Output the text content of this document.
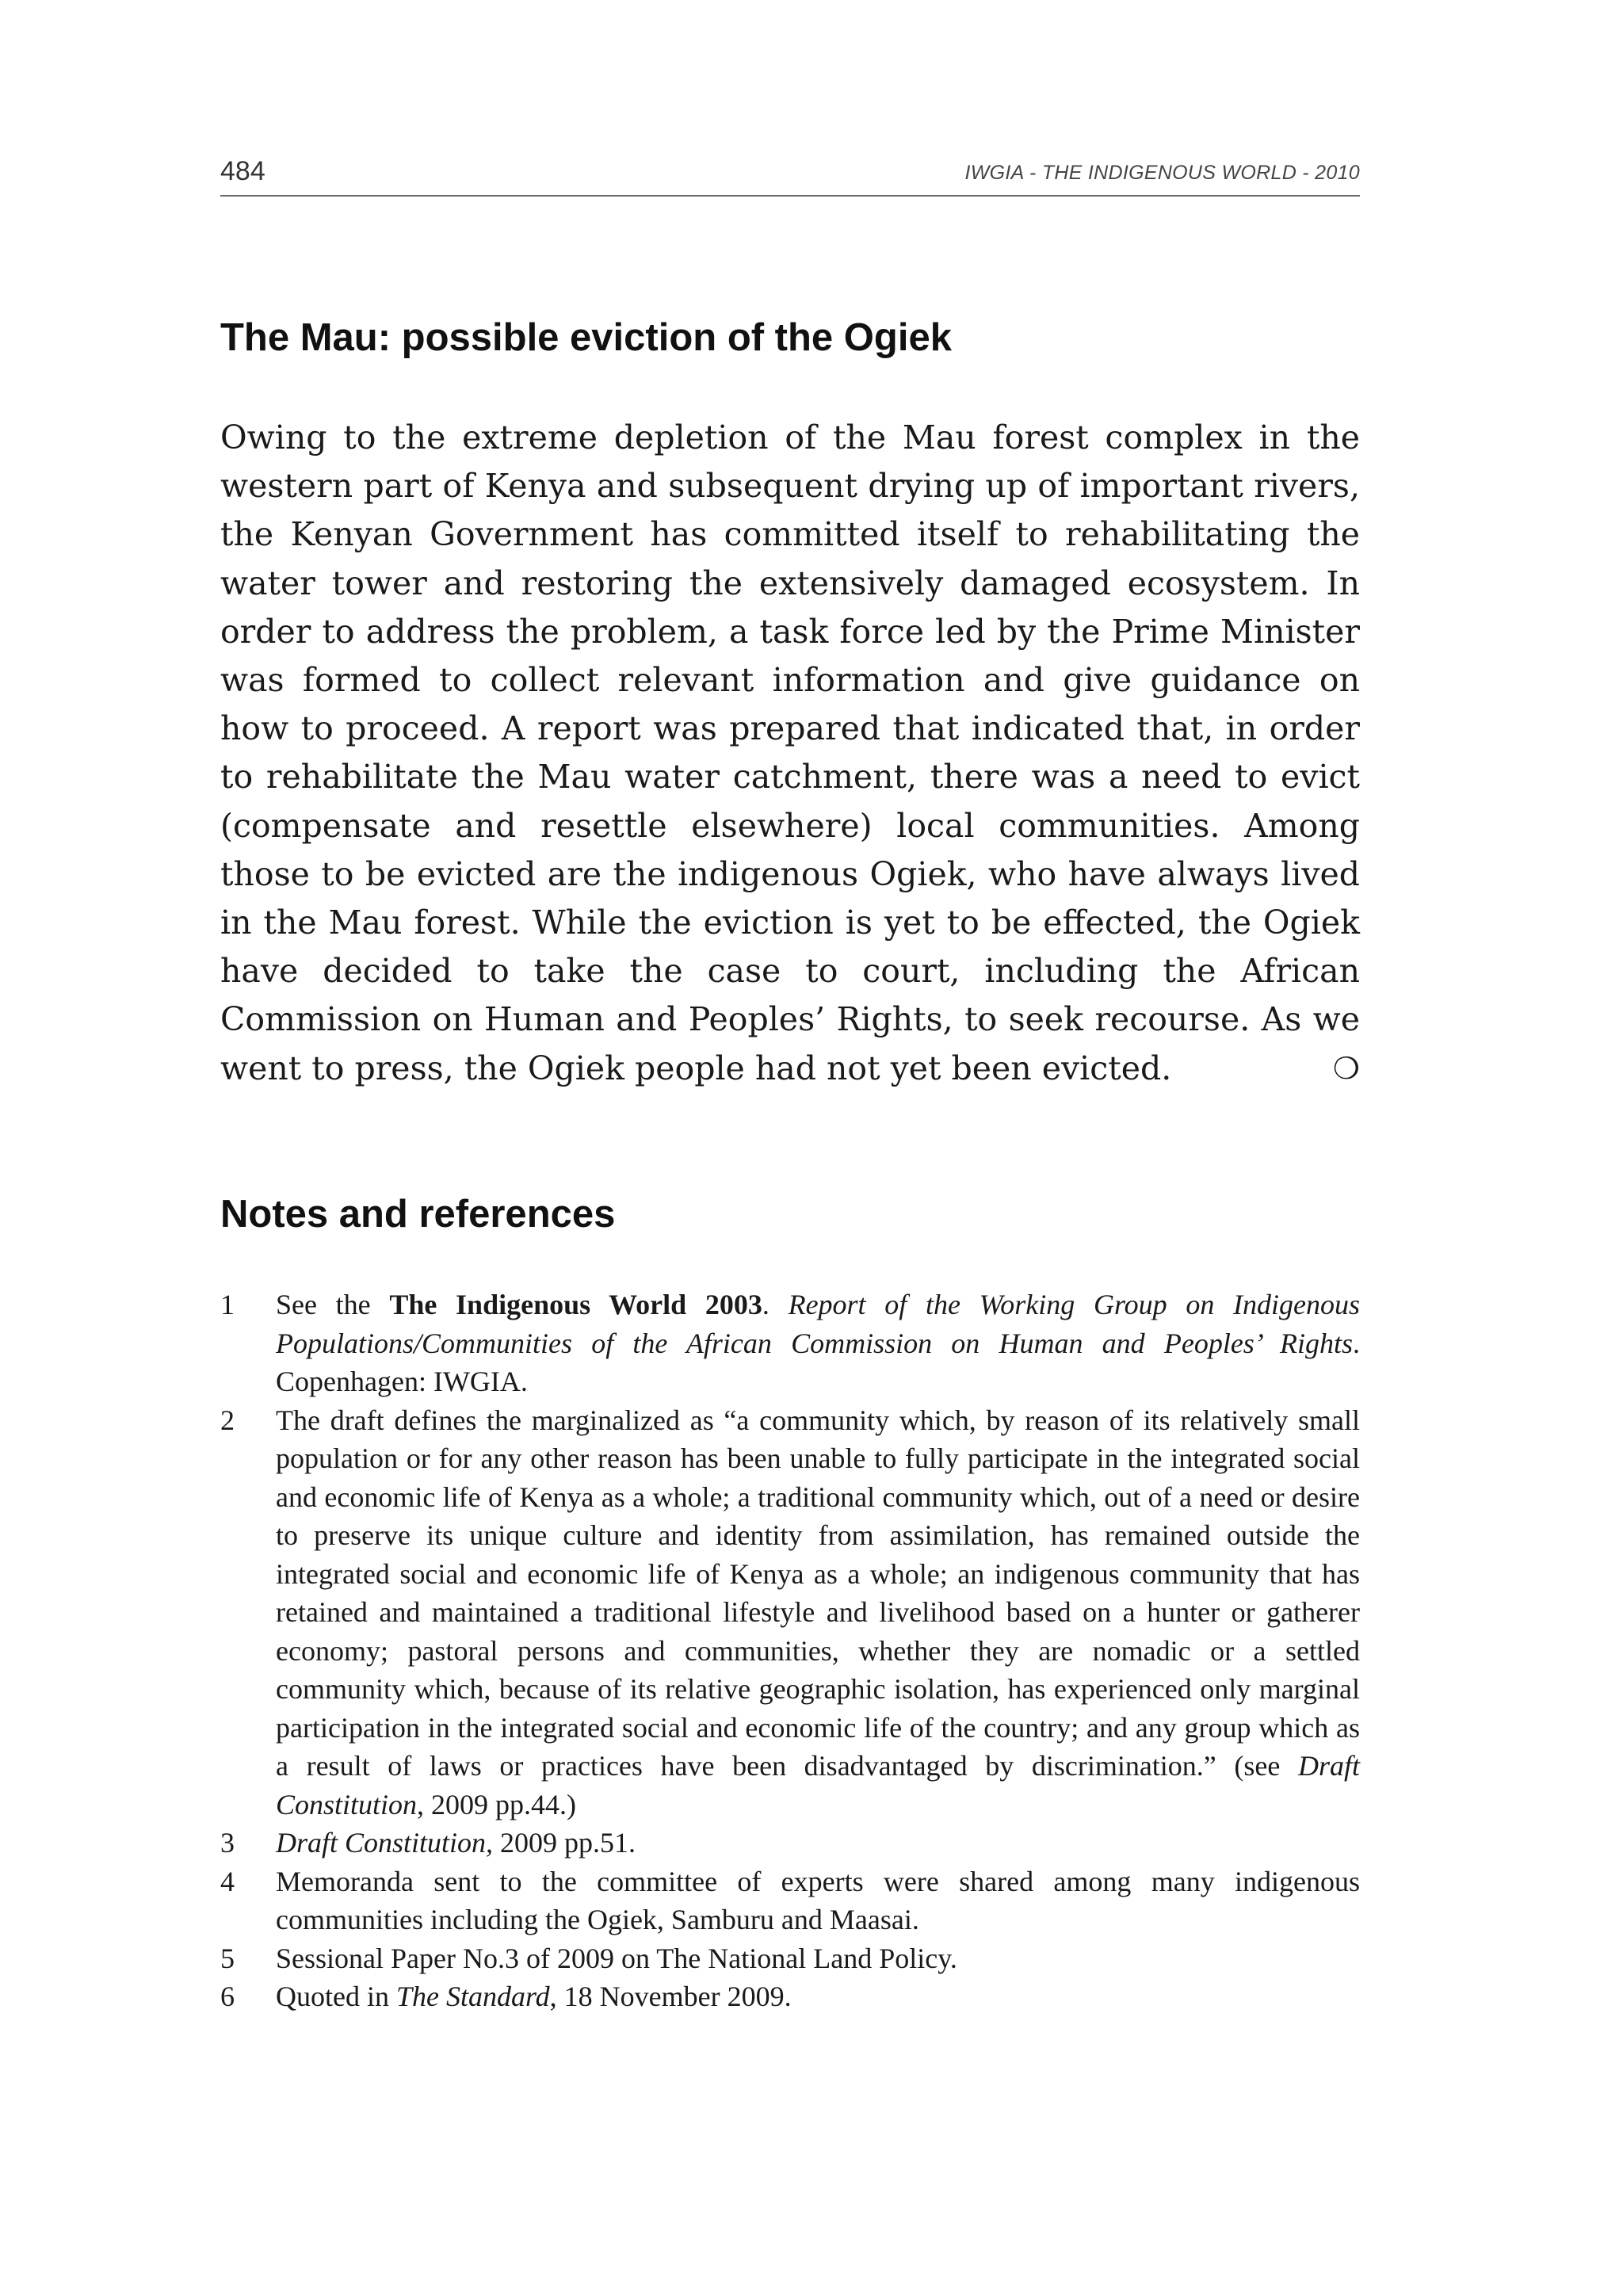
484	IWGIA - THE INDIGENOUS WORLD - 2010
The Mau: possible eviction of the Ogiek

Owing to the extreme depletion of the Mau forest complex in the western part of Kenya and subsequent drying up of important rivers, the Kenyan Government has committed itself to rehabilitating the water tower and restoring the extensively damaged ecosystem. In order to address the problem, a task force led by the Prime Minister was formed to collect relevant information and give guidance on how to proceed. A report was prepared that indicated that, in order to rehabilitate the Mau water catchment, there was a need to evict (compensate and resettle elsewhere) local communities. Among those to be evicted are the indigenous Ogiek, who have always lived in the Mau forest. While the eviction is yet to be effected, the Ogiek have decided to take the case to court, including the African Commission on Human and Peoples’ Rights, to seek recourse. As we went to press, the Ogiek people had not yet been evicted.	❍

Notes and references
1 See the The Indigenous World 2003. Report of the Working Group on Indigenous Populations/Communities of the African Commission on Human and Peoples’ Rights. Copenhagen: IWGIA.
2 The draft defines the marginalized as “a community which, by reason of its relatively small population or for any other reason has been unable to fully participate in the integrated social and economic life of Kenya as a whole; a traditional community which, out of a need or desire to preserve its unique culture and identity from assimilation, has remained outside the integrated social and economic life of Kenya as a whole; an indigenous community that has retained and maintained a traditional lifestyle and livelihood based on a hunter or gatherer economy; pastoral persons and communities, whether they are nomadic or a settled community which, because of its relative geographic isolation, has experienced only marginal participation in the integrated social and economic life of the country; and any group which as a result of laws or practices have been disadvantaged by discrimination.” (see Draft Constitution, 2009 pp.44.)
3 Draft Constitution, 2009 pp.51.
4 Memoranda sent to the committee of experts were shared among many indigenous communities including the Ogiek, Samburu and Maasai.
5 Sessional Paper No.3 of 2009 on The National Land Policy.
6 Quoted in The Standard, 18 November 2009.
